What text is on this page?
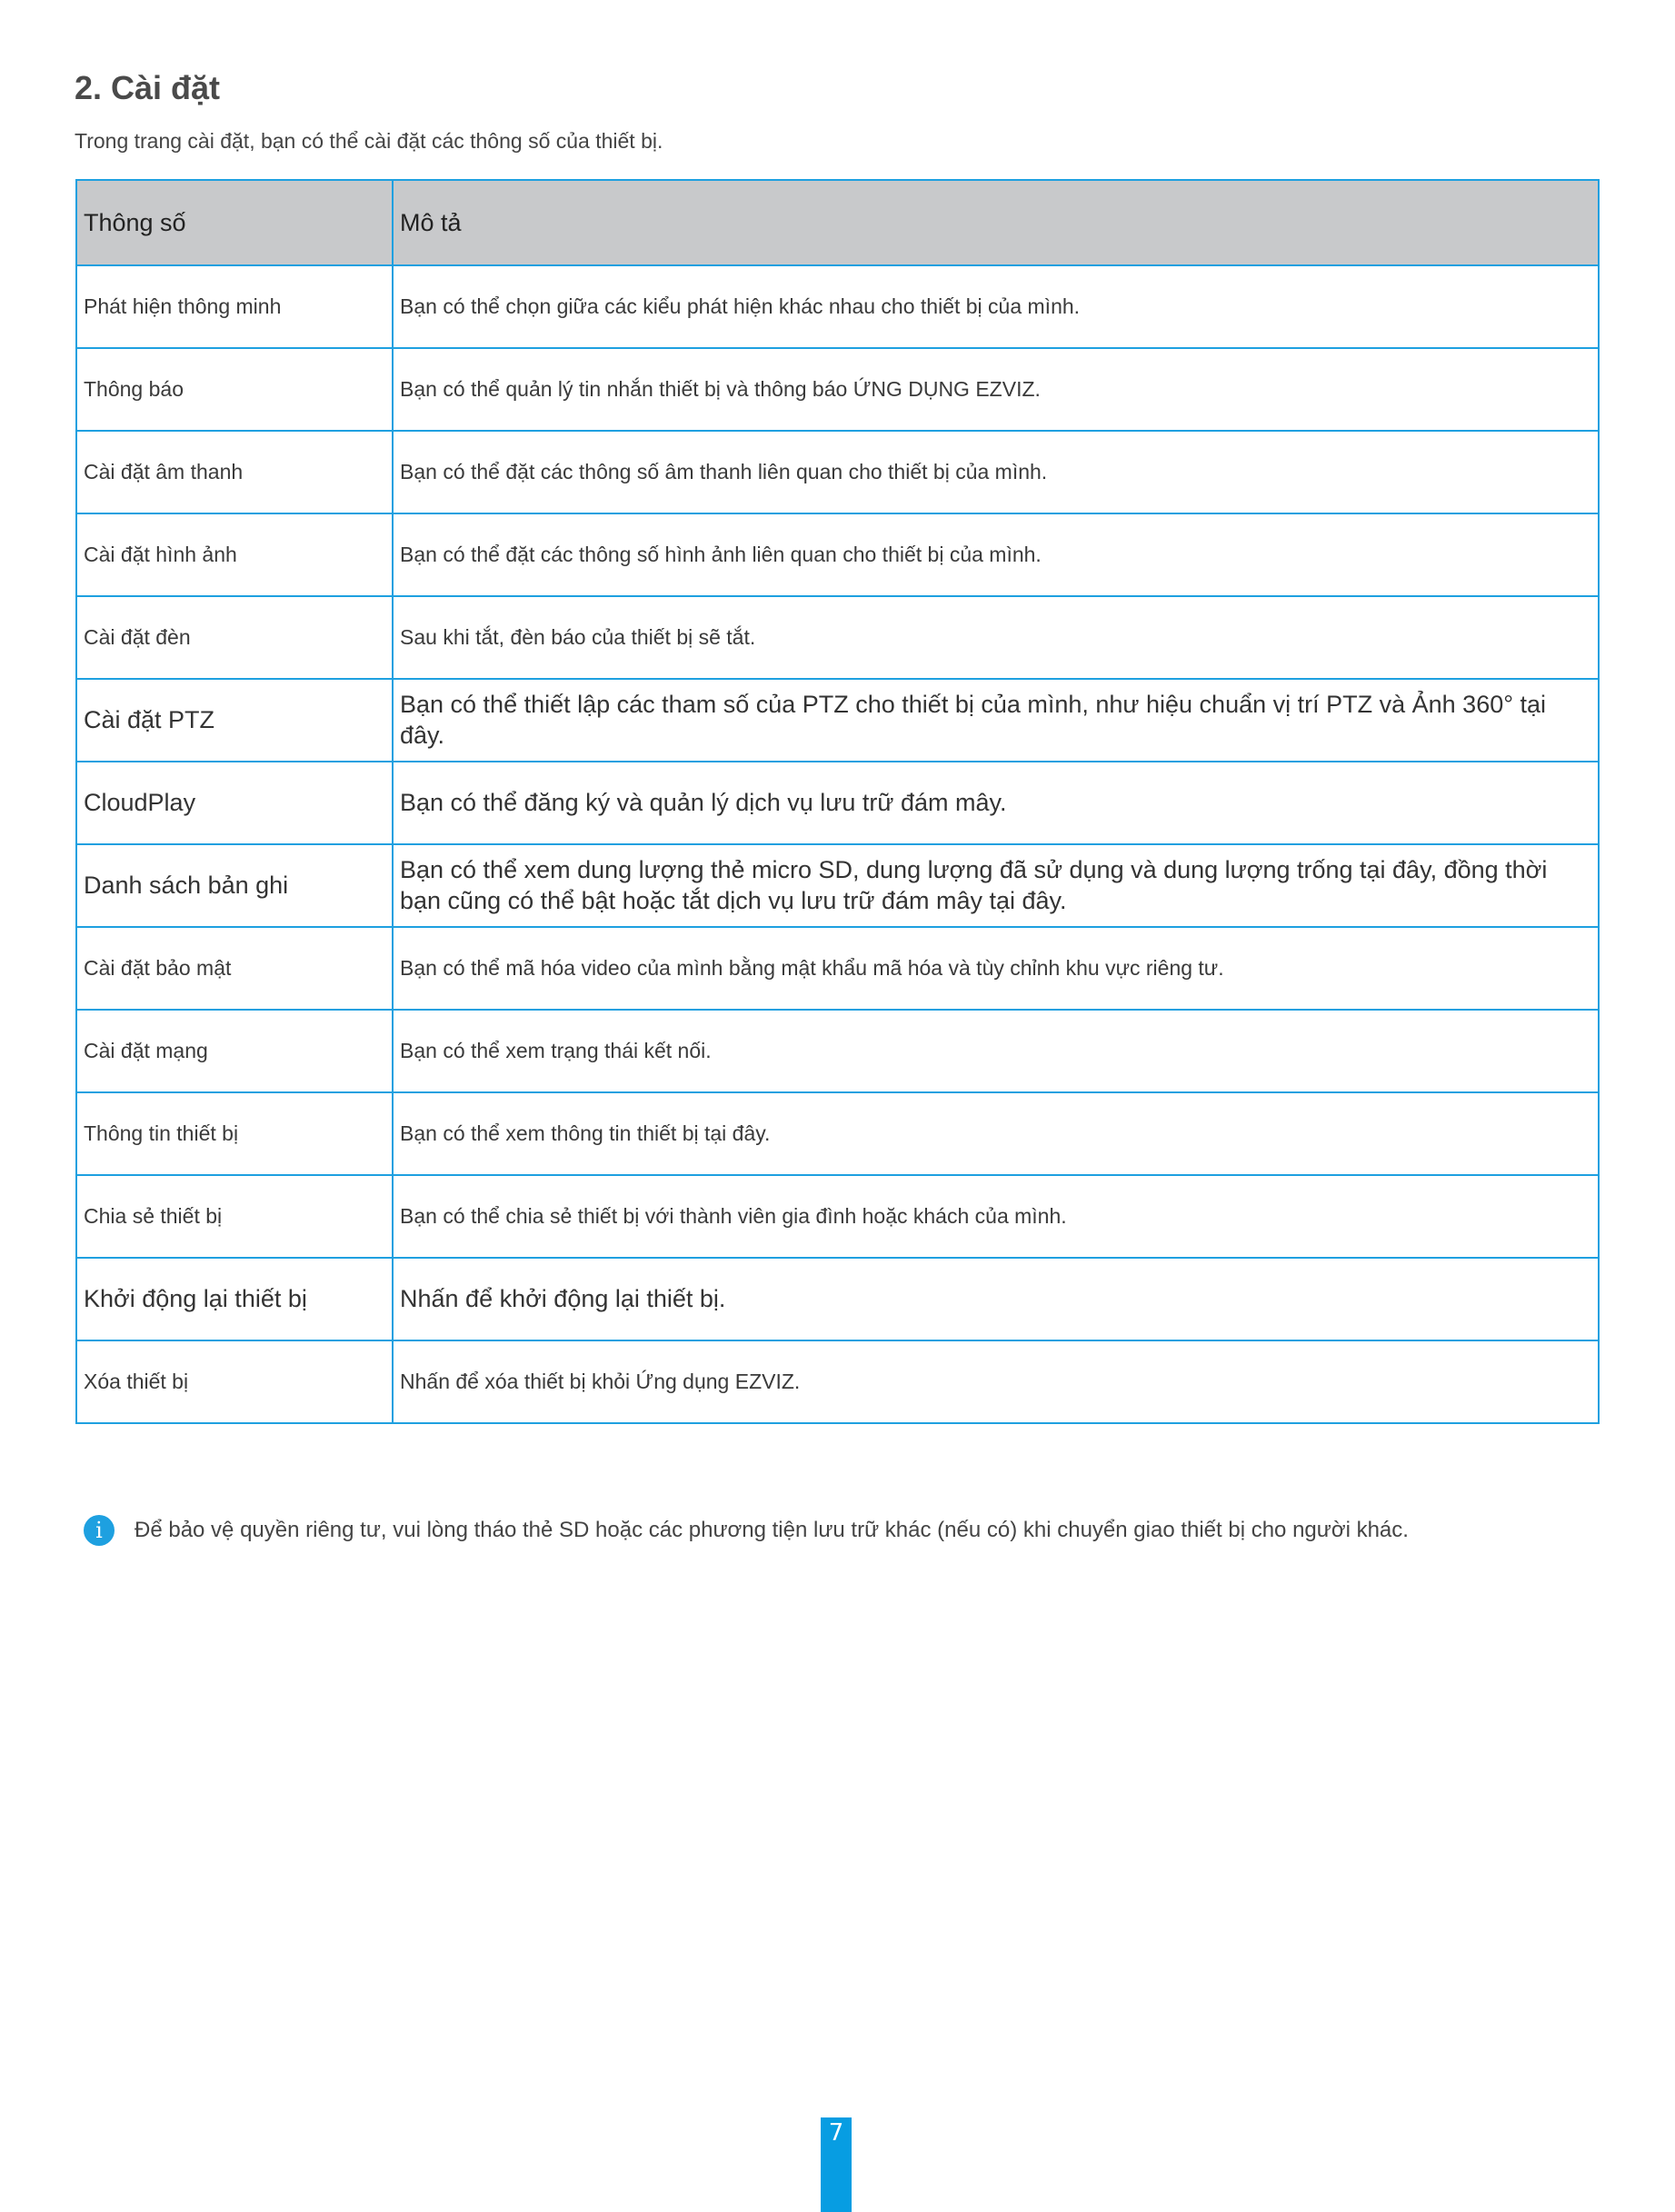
2. Cài đặt
Trong trang cài đặt, bạn có thể cài đặt các thông số của thiết bị.
Thông số	Mô tả
Phát hiện thông minh	Bạn có thể chọn giữa các kiểu phát hiện khác nhau cho thiết bị của mình.
Thông báo	Bạn có thể quản lý tin nhắn thiết bị và thông báo ỨNG DỤNG EZVIZ.
Cài đặt âm thanh	Bạn có thể đặt các thông số âm thanh liên quan cho thiết bị của mình.
Cài đặt hình ảnh	Bạn có thể đặt các thông số hình ảnh liên quan cho thiết bị của mình.
Cài đặt đèn	Sau khi tắt, đèn báo của thiết bị sẽ tắt.
Cài đặt PTZ	Bạn có thể thiết lập các tham số của PTZ cho thiết bị của mình, như hiệu chuẩn vị trí PTZ và Ảnh 360° tại đây.
CloudPlay	Bạn có thể đăng ký và quản lý dịch vụ lưu trữ đám mây.
Danh sách bản ghi	Bạn có thể xem dung lượng thẻ micro SD, dung lượng đã sử dụng và dung lượng trống tại đây, đồng thời bạn cũng có thể bật hoặc tắt dịch vụ lưu trữ đám mây tại đây.
Cài đặt bảo mật	Bạn có thể mã hóa video của mình bằng mật khẩu mã hóa và tùy chỉnh khu vực riêng tư.
Cài đặt mạng	Bạn có thể xem trạng thái kết nối.
Thông tin thiết bị	Bạn có thể xem thông tin thiết bị tại đây.
Chia sẻ thiết bị	Bạn có thể chia sẻ thiết bị với thành viên gia đình hoặc khách của mình.
Khởi động lại thiết bị	Nhấn để khởi động lại thiết bị.
Xóa thiết bị	Nhấn để xóa thiết bị khỏi Ứng dụng EZVIZ.
i	Để bảo vệ quyền riêng tư, vui lòng tháo thẻ SD hoặc các phương tiện lưu trữ khác (nếu có) khi chuyển giao thiết bị cho người khác.
7
